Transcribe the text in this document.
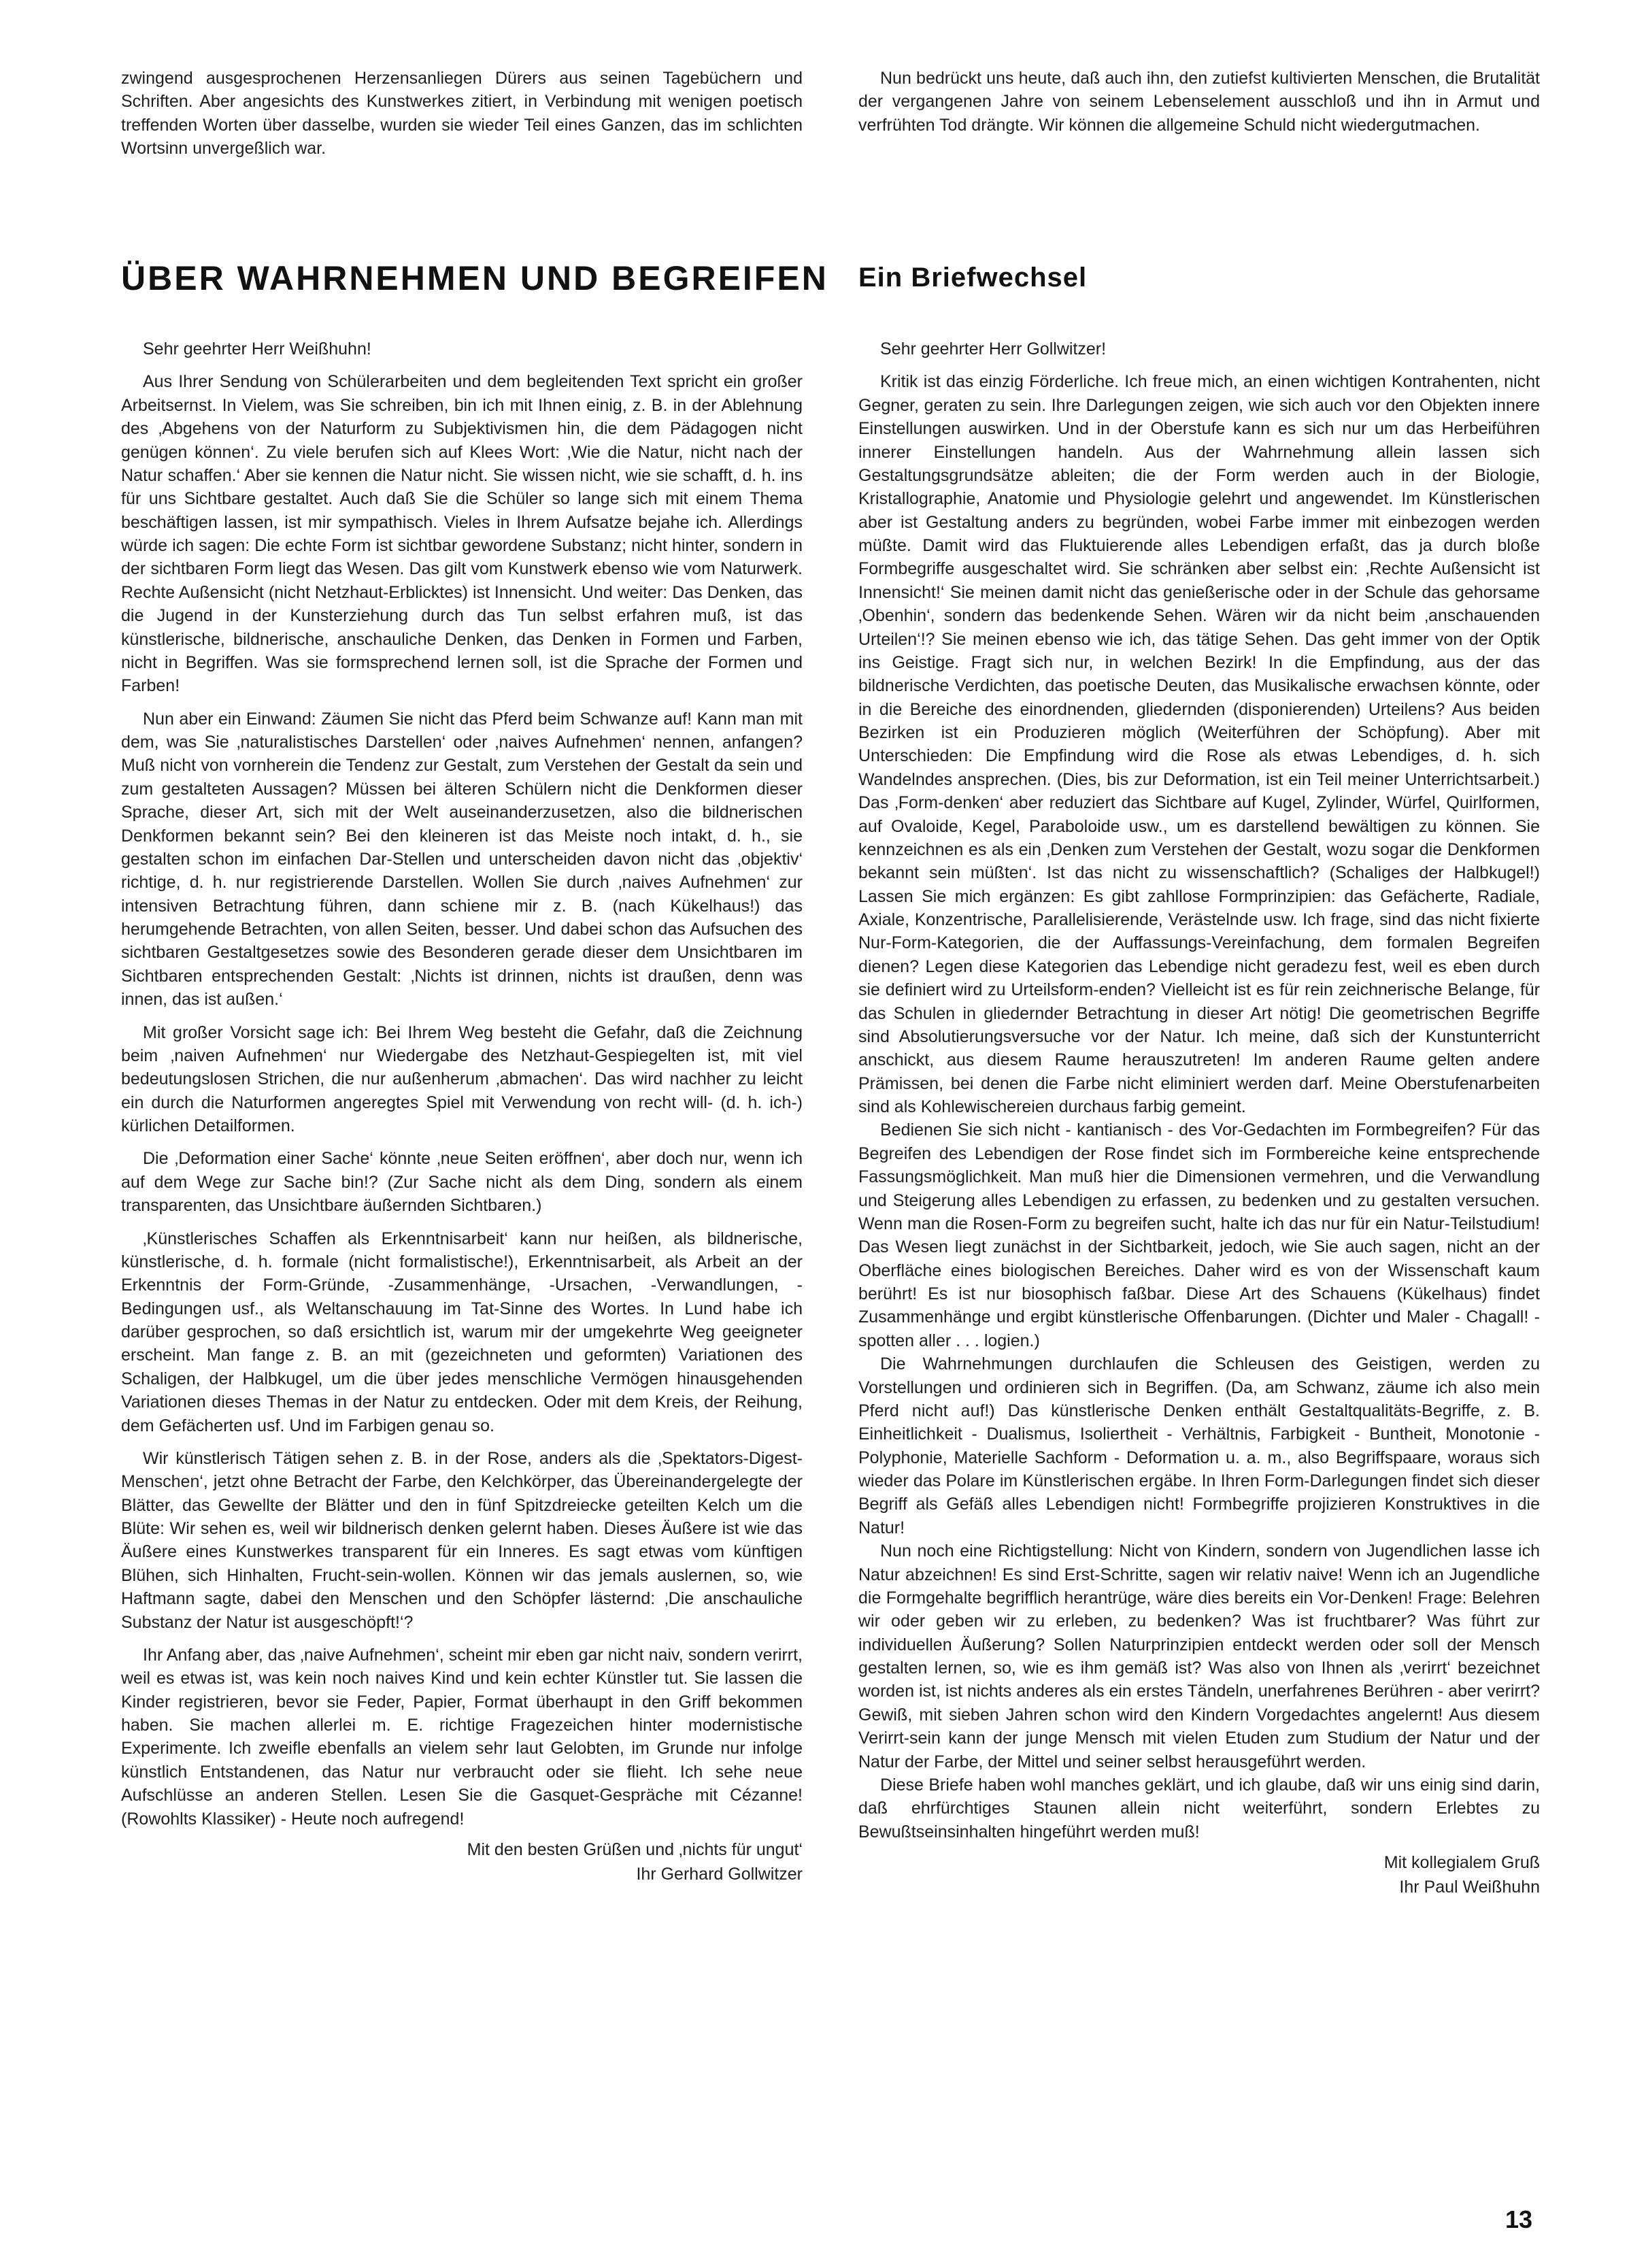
zwingend ausgesprochenen Herzensanliegen Dürers aus seinen Tagebüchern und Schriften. Aber angesichts des Kunstwerkes zitiert, in Verbindung mit wenigen poetisch treffenden Worten über dasselbe, wurden sie wieder Teil eines Ganzen, das im schlichten Wortsinn unvergeßlich war.

Nun bedrückt uns heute, daß auch ihn, den zutiefst kultivierten Menschen, die Brutalität der vergangenen Jahre von seinem Lebenselement ausschloß und ihn in Armut und verfrühten Tod drängte. Wir können die allgemeine Schuld nicht wiedergutmachen.

ÜBER WAHRNEHMEN UND BEGREIFEN Ein Briefwechsel

Sehr geehrter Herr Weißhuhn!

Aus Ihrer Sendung von Schülerarbeiten und dem begleitenden Text spricht ein großer Arbeitsernst. In Vielem, was Sie schreiben, bin ich mit Ihnen einig, z. B. in der Ablehnung des ‚Abgehens von der Naturform zu Subjektivismen hin, die dem Pädagogen nicht genügen können‘. Zu viele berufen sich auf Klees Wort: ‚Wie die Natur, nicht nach der Natur schaffen.‘ Aber sie kennen die Natur nicht. Sie wissen nicht, wie sie schafft, d. h. ins für uns Sichtbare gestaltet. Auch daß Sie die Schüler so lange sich mit einem Thema beschäftigen lassen, ist mir sympathisch. Vieles in Ihrem Aufsatze bejahe ich. Allerdings würde ich sagen: Die echte Form ist sichtbar gewordene Substanz; nicht hinter, sondern in der sichtbaren Form liegt das Wesen. Das gilt vom Kunstwerk ebenso wie vom Naturwerk. Rechte Außensicht (nicht Netzhaut-Erblicktes) ist Innensicht. Und weiter: Das Denken, das die Jugend in der Kunsterziehung durch das Tun selbst erfahren muß, ist das künstlerische, bildnerische, anschauliche Denken, das Denken in Formen und Farben, nicht in Begriffen. Was sie formsprechend lernen soll, ist die Sprache der Formen und Farben!

Nun aber ein Einwand: Zäumen Sie nicht das Pferd beim Schwanze auf! Kann man mit dem, was Sie ‚naturalistisches Darstellen‘ oder ‚naives Aufnehmen‘ nennen, anfangen? Muß nicht von vornherein die Tendenz zur Gestalt, zum Verstehen der Gestalt da sein und zum gestalteten Aussagen? Müssen bei älteren Schülern nicht die Denkformen dieser Sprache, dieser Art, sich mit der Welt auseinanderzusetzen, also die bildnerischen Denkformen bekannt sein? Bei den kleineren ist das Meiste noch intakt, d. h., sie gestalten schon im einfachen Dar-Stellen und unterscheiden davon nicht das ‚objektiv‘ richtige, d. h. nur registrierende Darstellen. Wollen Sie durch ‚naives Aufnehmen‘ zur intensiven Betrachtung führen, dann schiene mir z. B. (nach Kükelhaus!) das herumgehende Betrachten, von allen Seiten, besser. Und dabei schon das Aufsuchen des sichtbaren Gestaltgesetzes sowie des Besonderen gerade dieser dem Unsichtbaren im Sichtbaren entsprechenden Gestalt: ‚Nichts ist drinnen, nichts ist draußen, denn was innen, das ist außen.‘

Mit großer Vorsicht sage ich: Bei Ihrem Weg besteht die Gefahr, daß die Zeichnung beim ‚naiven Aufnehmen‘ nur Wiedergabe des Netzhaut-Gespiegelten ist, mit viel bedeutungslosen Strichen, die nur außenherum ‚abmachen‘. Das wird nachher zu leicht ein durch die Naturformen angeregtes Spiel mit Verwendung von recht will- (d. h. ich-) kürlichen Detailformen.

Die ‚Deformation einer Sache‘ könnte ‚neue Seiten eröffnen‘, aber doch nur, wenn ich auf dem Wege zur Sache bin!? (Zur Sache nicht als dem Ding, sondern als einem transparenten, das Unsichtbare äußernden Sichtbaren.)

‚Künstlerisches Schaffen als Erkenntnisarbeit‘ kann nur heißen, als bildnerische, künstlerische, d. h. formale (nicht formalistische!), Erkenntnisarbeit, als Arbeit an der Erkenntnis der Form-Gründe, -Zusammenhänge, -Ursachen, -Verwandlungen, -Bedingungen usf., als Weltanschauung im Tat-Sinne des Wortes. In Lund habe ich darüber gesprochen, so daß ersichtlich ist, warum mir der umgekehrte Weg geeigneter erscheint. Man fange z. B. an mit (gezeichneten und geformten) Variationen des Schaligen, der Halbkugel, um die über jedes menschliche Vermögen hinausgehenden Variationen dieses Themas in der Natur zu entdecken. Oder mit dem Kreis, der Reihung, dem Gefächerten usf. Und im Farbigen genau so.

Wir künstlerisch Tätigen sehen z. B. in der Rose, anders als die ‚Spektators-Digest-Menschen‘, jetzt ohne Betracht der Farbe, den Kelchkörper, das Übereinandergelegte der Blätter, das Gewellte der Blätter und den in fünf Spitzdreiecke geteilten Kelch um die Blüte: Wir sehen es, weil wir bildnerisch denken gelernt haben. Dieses Äußere ist wie das Äußere eines Kunstwerkes transparent für ein Inneres. Es sagt etwas vom künftigen Blühen, sich Hinhalten, Frucht-sein-wollen. Können wir das jemals auslernen, so, wie Haftmann sagte, dabei den Menschen und den Schöpfer lästernd: ‚Die anschauliche Substanz der Natur ist ausgeschöpft!‘?

Ihr Anfang aber, das ‚naive Aufnehmen‘, scheint mir eben gar nicht naiv, sondern verirrt, weil es etwas ist, was kein noch naives Kind und kein echter Künstler tut. Sie lassen die Kinder registrieren, bevor sie Feder, Papier, Format überhaupt in den Griff bekommen haben. Sie machen allerlei m. E. richtige Fragezeichen hinter modernistische Experimente. Ich zweifle ebenfalls an vielem sehr laut Gelobten, im Grunde nur infolge künstlich Entstandenen, das Natur nur verbraucht oder sie flieht. Ich sehe neue Aufschlüsse an anderen Stellen. Lesen Sie die Gasquet-Gespräche mit Cézanne! (Rowohlts Klassiker) - Heute noch aufregend!

Mit den besten Grüßen und ‚nichts für ungut‘
Ihr Gerhard Gollwitzer

Sehr geehrter Herr Gollwitzer!

Kritik ist das einzig Förderliche. Ich freue mich, an einen wichtigen Kontrahenten, nicht Gegner, geraten zu sein. Ihre Darlegungen zeigen, wie sich auch vor den Objekten innere Einstellungen auswirken. Und in der Oberstufe kann es sich nur um das Herbeiführen innerer Einstellungen handeln. Aus der Wahrnehmung allein lassen sich Gestaltungsgrundsätze ableiten; die der Form werden auch in der Biologie, Kristallographie, Anatomie und Physiologie gelehrt und angewendet. Im Künstlerischen aber ist Gestaltung anders zu begründen, wobei Farbe immer mit einbezogen werden müßte. Damit wird das Fluktuierende alles Lebendigen erfaßt, das ja durch bloße Formbegriffe ausgeschaltet wird. Sie schränken aber selbst ein: ‚Rechte Außensicht ist Innensicht!‘ Sie meinen damit nicht das genießerische oder in der Schule das gehorsame ‚Obenhin‘, sondern das bedenkende Sehen. Wären wir da nicht beim ‚anschauenden Urteilen‘!? Sie meinen ebenso wie ich, das tätige Sehen. Das geht immer von der Optik ins Geistige. Fragt sich nur, in welchen Bezirk! In die Empfindung, aus der das bildnerische Verdichten, das poetische Deuten, das Musikalische erwachsen könnte, oder in die Bereiche des einordnenden, gliedernden (disponierenden) Urteilens? Aus beiden Bezirken ist ein Produzieren möglich (Weiterführen der Schöpfung). Aber mit Unterschieden: Die Empfindung wird die Rose als etwas Lebendiges, d. h. sich Wandelndes ansprechen. (Dies, bis zur Deformation, ist ein Teil meiner Unterrichtsarbeit.) Das ‚Form-denken‘ aber reduziert das Sichtbare auf Kugel, Zylinder, Würfel, Quirlformen, auf Ovaloide, Kegel, Paraboloide usw., um es darstellend bewältigen zu können. Sie kennzeichnen es als ein ‚Denken zum Verstehen der Gestalt, wozu sogar die Denkformen bekannt sein müßten‘. Ist das nicht zu wissenschaftlich? (Schaliges der Halbkugel!) Lassen Sie mich ergänzen: Es gibt zahllose Formprinzipien: das Gefächerte, Radiale, Axiale, Konzentrische, Parallelisierende, Verästelnde usw. Ich frage, sind das nicht fixierte Nur-Form-Kategorien, die der Auffassungs-Vereinfachung, dem formalen Begreifen dienen? Legen diese Kategorien das Lebendige nicht geradezu fest, weil es eben durch sie definiert wird zu Urteilsform-enden? Vielleicht ist es für rein zeichnerische Belange, für das Schulen in gliedernder Betrachtung in dieser Art nötig! Die geometrischen Begriffe sind Absolutierungsversuche vor der Natur. Ich meine, daß sich der Kunstunterricht anschickt, aus diesem Raume herauszutreten! Im anderen Raume gelten andere Prämissen, bei denen die Farbe nicht eliminiert werden darf. Meine Oberstufenarbeiten sind als Kohlewischereien durchaus farbig gemeint.

Bedienen Sie sich nicht - kantianisch - des Vor-Gedachten im Formbegreifen? Für das Begreifen des Lebendigen der Rose findet sich im Formbereiche keine entsprechende Fassungsmöglichkeit. Man muß hier die Dimensionen vermehren, und die Verwandlung und Steigerung alles Lebendigen zu erfassen, zu bedenken und zu gestalten versuchen. Wenn man die Rosen-Form zu begreifen sucht, halte ich das nur für ein Natur-Teilstudium! Das Wesen liegt zunächst in der Sichtbarkeit, jedoch, wie Sie auch sagen, nicht an der Oberfläche eines biologischen Bereiches. Daher wird es von der Wissenschaft kaum berührt! Es ist nur biosophisch faßbar. Diese Art des Schauens (Kükelhaus) findet Zusammenhänge und ergibt künstlerische Offenbarungen. (Dichter und Maler - Chagall! - spotten aller . . . logien.)

Die Wahrnehmungen durchlaufen die Schleusen des Geistigen, werden zu Vorstellungen und ordinieren sich in Begriffen. (Da, am Schwanz, zäume ich also mein Pferd nicht auf!) Das künstlerische Denken enthält Gestaltqualitäts-Begriffe, z. B. Einheitlichkeit - Dualismus, Isoliertheit - Verhältnis, Farbigkeit - Buntheit, Monotonie - Polyphonie, Materielle Sachform - Deformation u. a. m., also Begriffspaare, woraus sich wieder das Polare im Künstlerischen ergäbe. In Ihren Form-Darlegungen findet sich dieser Begriff als Gefäß alles Lebendigen nicht! Formbegriffe projizieren Konstruktives in die Natur!

Nun noch eine Richtigstellung: Nicht von Kindern, sondern von Jugendlichen lasse ich Natur abzeichnen! Es sind Erst-Schritte, sagen wir relativ naive! Wenn ich an Jugendliche die Formgehalte begrifflich herantrüge, wäre dies bereits ein Vor-Denken! Frage: Belehren wir oder geben wir zu erleben, zu bedenken? Was ist fruchtbarer? Was führt zur individuellen Äußerung? Sollen Naturprinzipien entdeckt werden oder soll der Mensch gestalten lernen, so, wie es ihm gemäß ist? Was also von Ihnen als ‚verirrt‘ bezeichnet worden ist, ist nichts anderes als ein erstes Tändeln, unerfahrenes Berühren - aber verirrt? Gewiß, mit sieben Jahren schon wird den Kindern Vorgedachtes angelernt! Aus diesem Verirrt-sein kann der junge Mensch mit vielen Etuden zum Studium der Natur und der Natur der Farbe, der Mittel und seiner selbst herausgeführt werden.

Diese Briefe haben wohl manches geklärt, und ich glaube, daß wir uns einig sind darin, daß ehrfürchtiges Staunen allein nicht weiterführt, sondern Erlebtes zu Bewußtseinsinhalten hingeführt werden muß!

Mit kollegialem Gruß
Ihr Paul Weißhuhn
13
